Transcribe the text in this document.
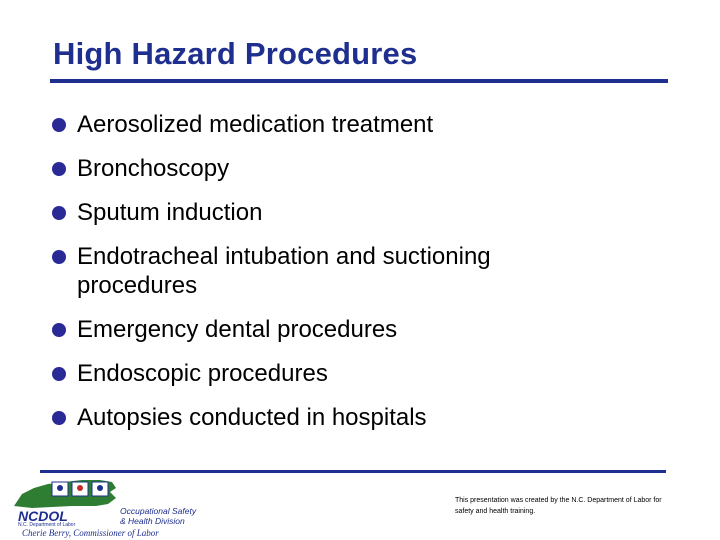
High Hazard Procedures
Aerosolized medication treatment
Bronchoscopy
Sputum induction
Endotracheal intubation and suctioning procedures
Emergency dental procedures
Endoscopic procedures
Autopsies conducted in hospitals
NCDOL
N.C. Department of Labor
Cherie Berry, Commissioner of Labor
Occupational Safety
& Health Division
This presentation was created by the N.C. Department of Labor for safety and health training.
